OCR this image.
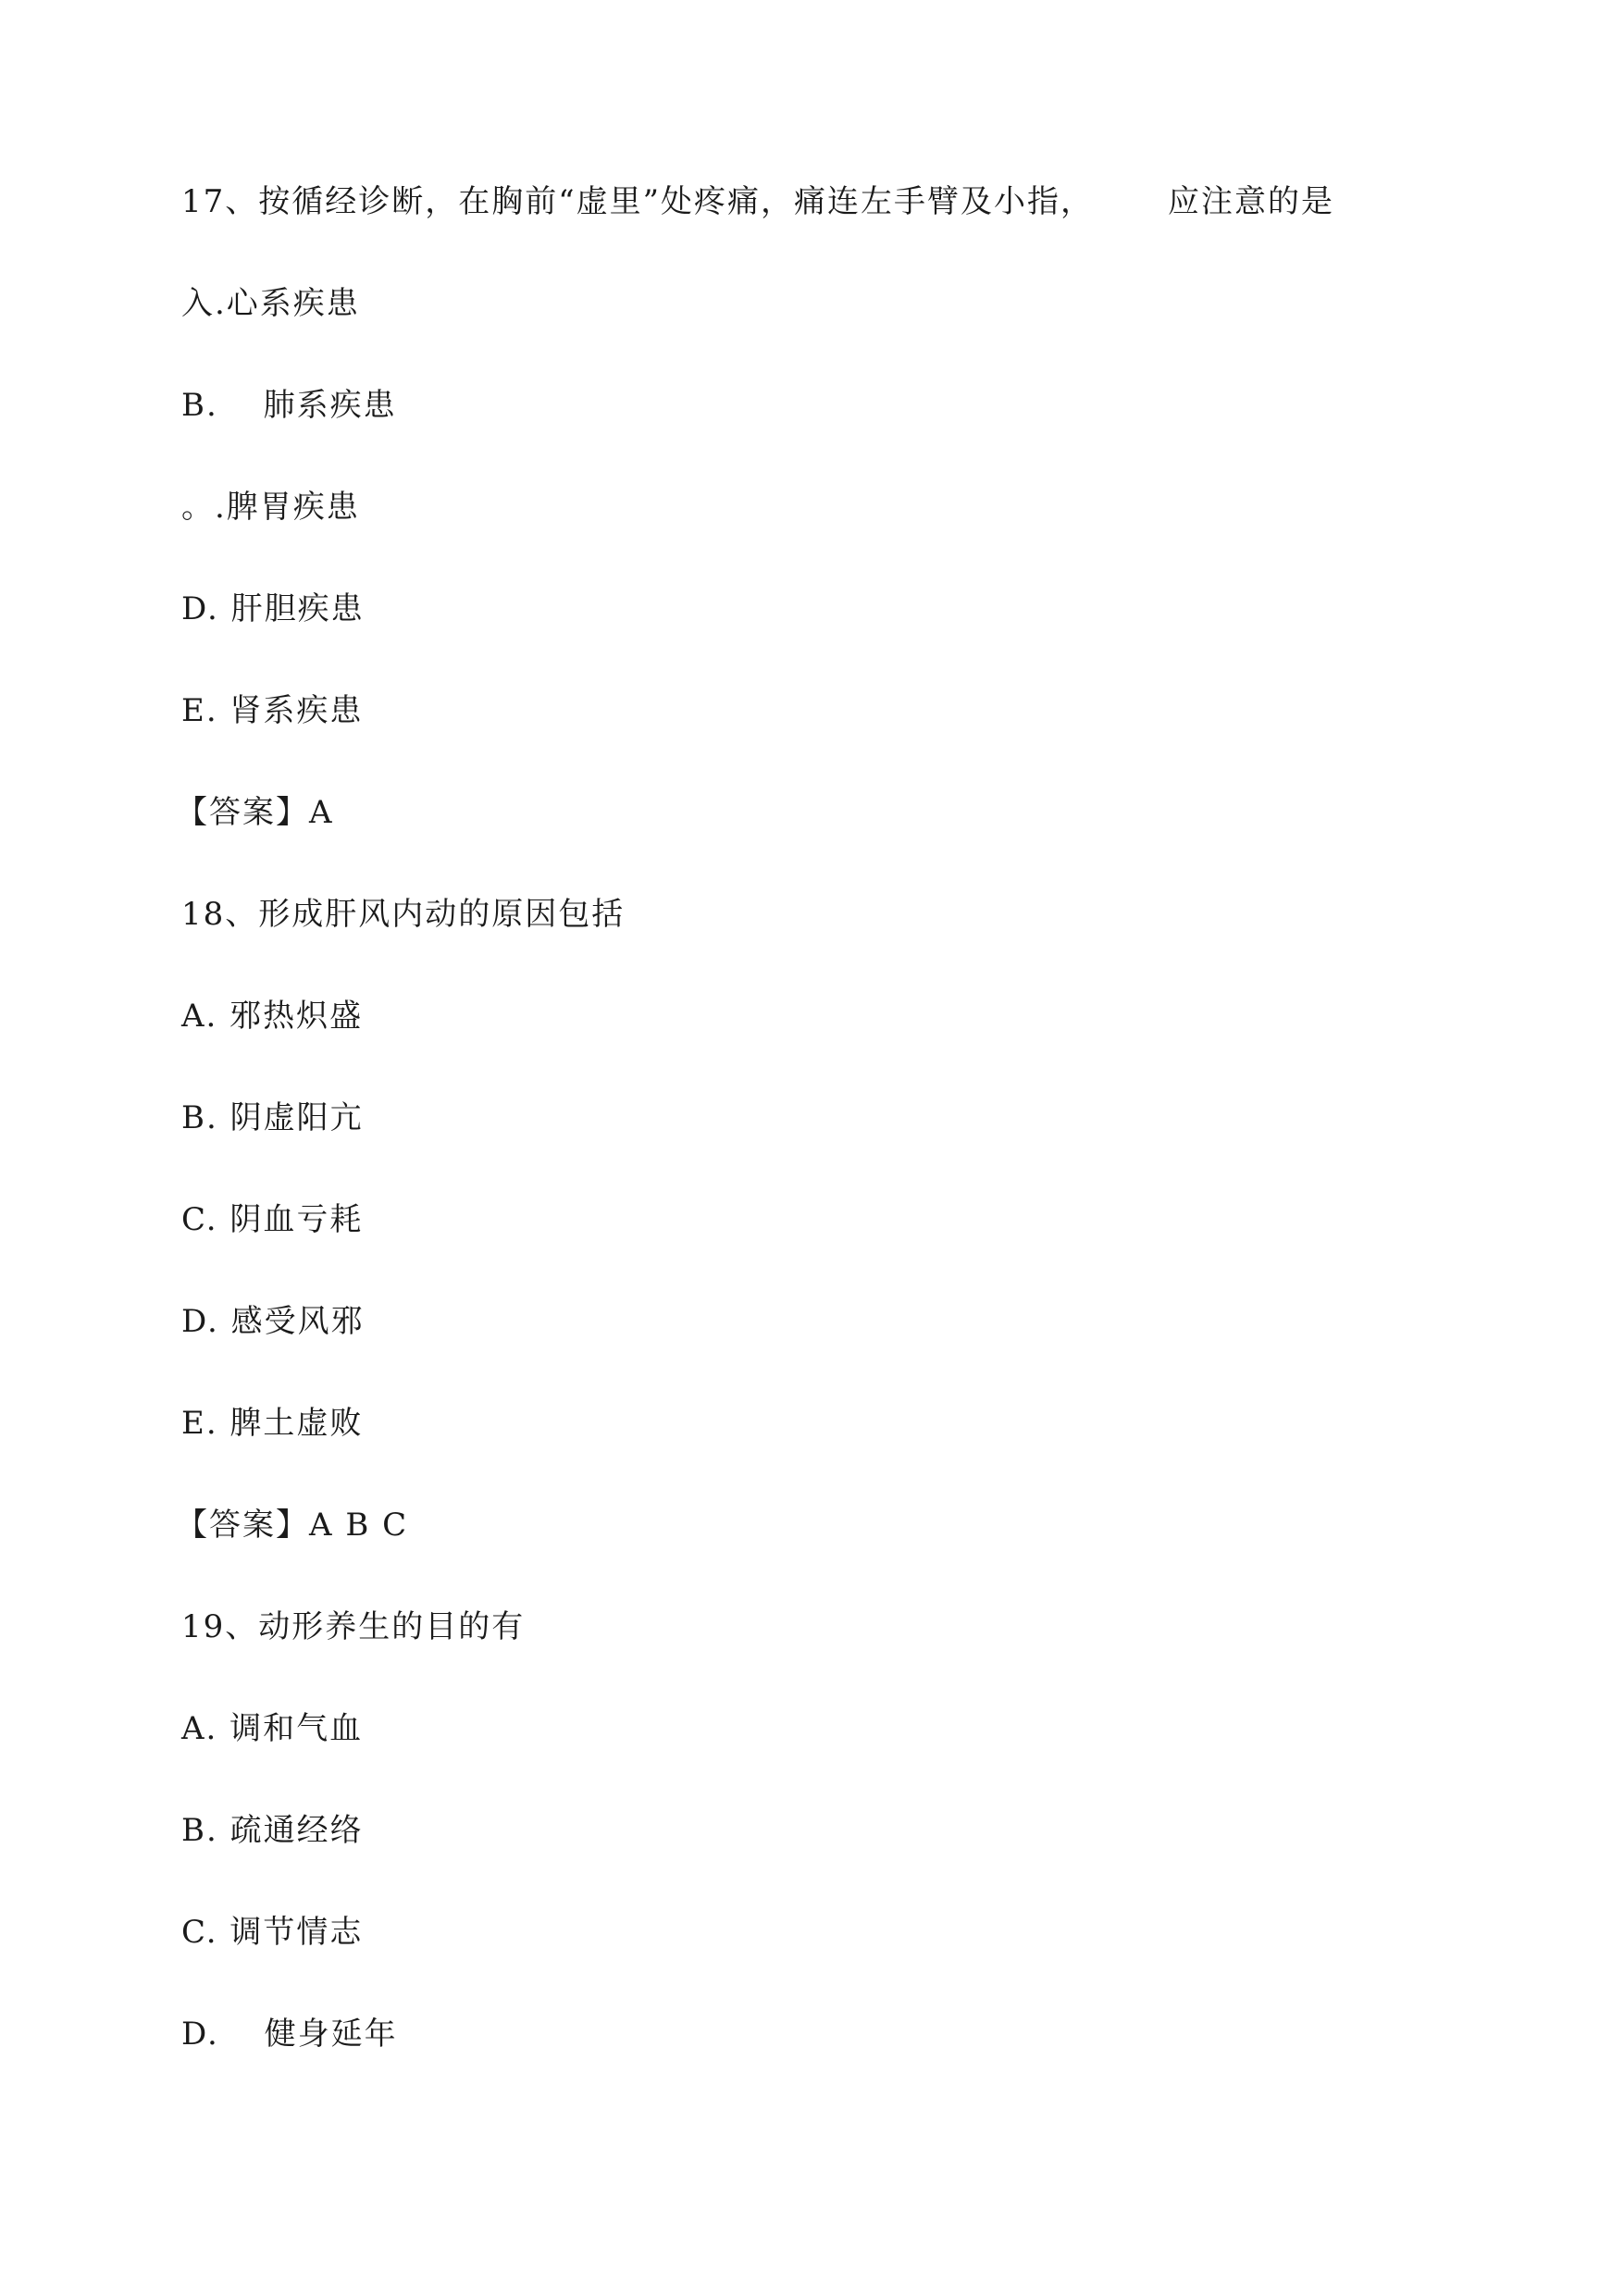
17、按循经诊断，在胸前“虚里”处疼痛，痛连左手臂及小指， 应注意的是
入.心系疾患
B.　 肺系疾患
。.脾胃疾患
D. 肝胆疾患
E. 肾系疾患
【答案】A
18、形成肝风内动的原因包括
A. 邪热炽盛
B. 阴虚阳亢
C. 阴血亏耗
D. 感受风邪
E. 脾土虚败
【答案】A B C
19、动形养生的目的有
A. 调和气血
B. 疏通经络
C. 调节情志
D.　 健身延年
